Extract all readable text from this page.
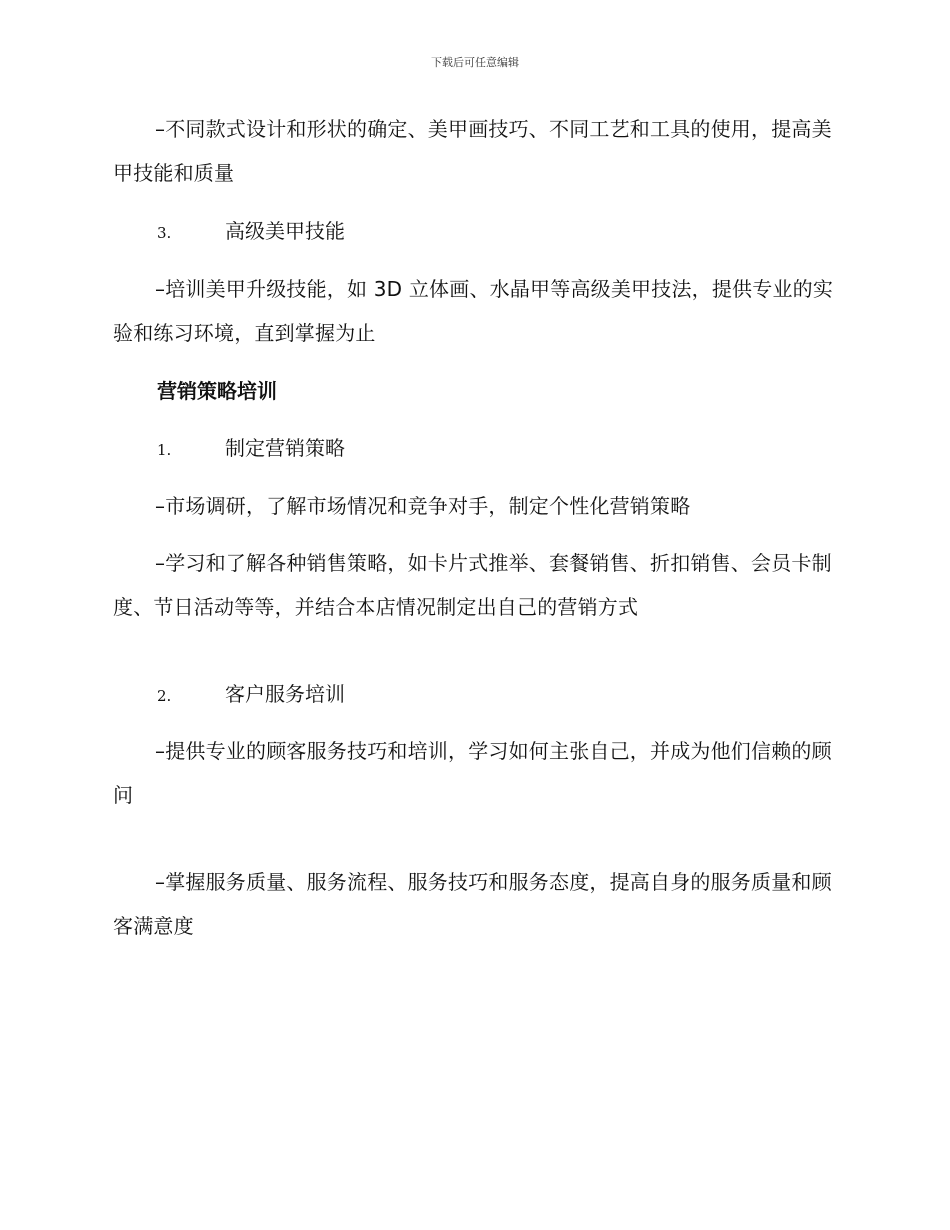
下载后可任意编辑
–不同款式设计和形状的确定、美甲画技巧、不同工艺和工具的使用，提高美甲技能和质量
3.	高级美甲技能
–培训美甲升级技能，如 3D 立体画、水晶甲等高级美甲技法，提供专业的实验和练习环境，直到掌握为止
营销策略培训
1.	制定营销策略
–市场调研，了解市场情况和竞争对手，制定个性化营销策略
–学习和了解各种销售策略，如卡片式推举、套餐销售、折扣销售、会员卡制度、节日活动等等，并结合本店情况制定出自己的营销方式
2.	客户服务培训
–提供专业的顾客服务技巧和培训，学习如何主张自己，并成为他们信赖的顾问
–掌握服务质量、服务流程、服务技巧和服务态度，提高自身的服务质量和顾客满意度
